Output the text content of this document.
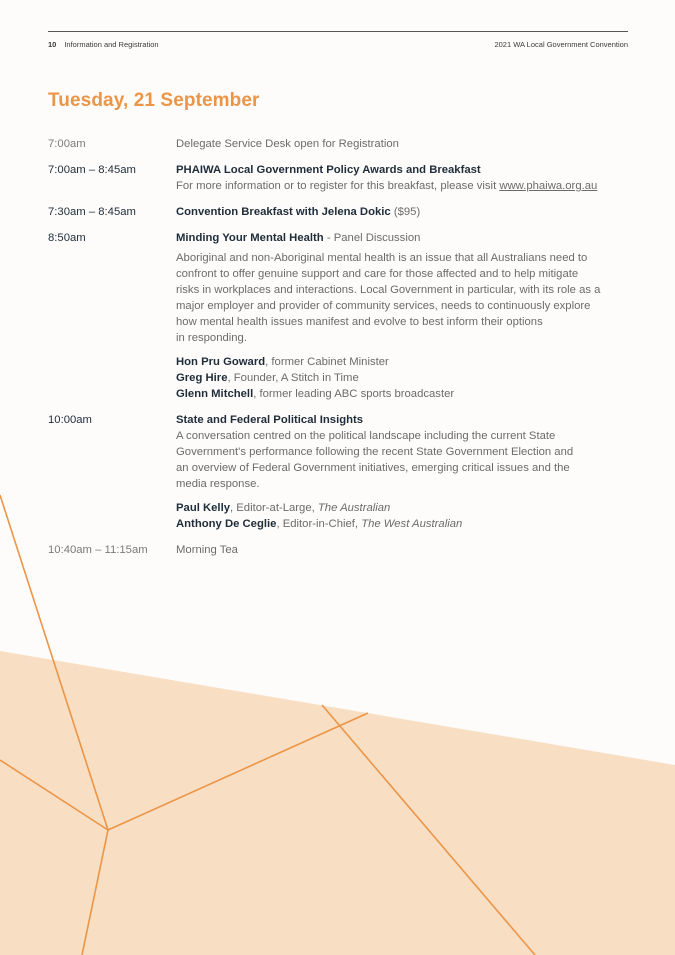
10 Information and Registration	2021 WA Local Government Convention
Tuesday, 21 September
7:00am	Delegate Service Desk open for Registration
7:00am – 8:45am	PHAIWA Local Government Policy Awards and Breakfast
For more information or to register for this breakfast, please visit www.phaiwa.org.au
7:30am – 8:45am	Convention Breakfast with Jelena Dokic ($95)
8:50am	Minding Your Mental Health - Panel Discussion

Aboriginal and non-Aboriginal mental health is an issue that all Australians need to
confront to offer genuine support and care for those affected and to help mitigate
risks in workplaces and interactions. Local Government in particular, with its role as a
major employer and provider of community services, needs to continuously explore
how mental health issues manifest and evolve to best inform their options
in responding.

Hon Pru Goward, former Cabinet Minister
Greg Hire, Founder, A Stitch in Time
Glenn Mitchell, former leading ABC sports broadcaster
10:00am	State and Federal Political Insights

A conversation centred on the political landscape including the current State
Government's performance following the recent State Government Election and
an overview of Federal Government initiatives, emerging critical issues and the
media response.

Paul Kelly, Editor-at-Large, The Australian
Anthony De Ceglie, Editor-in-Chief, The West Australian
10:40am – 11:15am	Morning Tea
